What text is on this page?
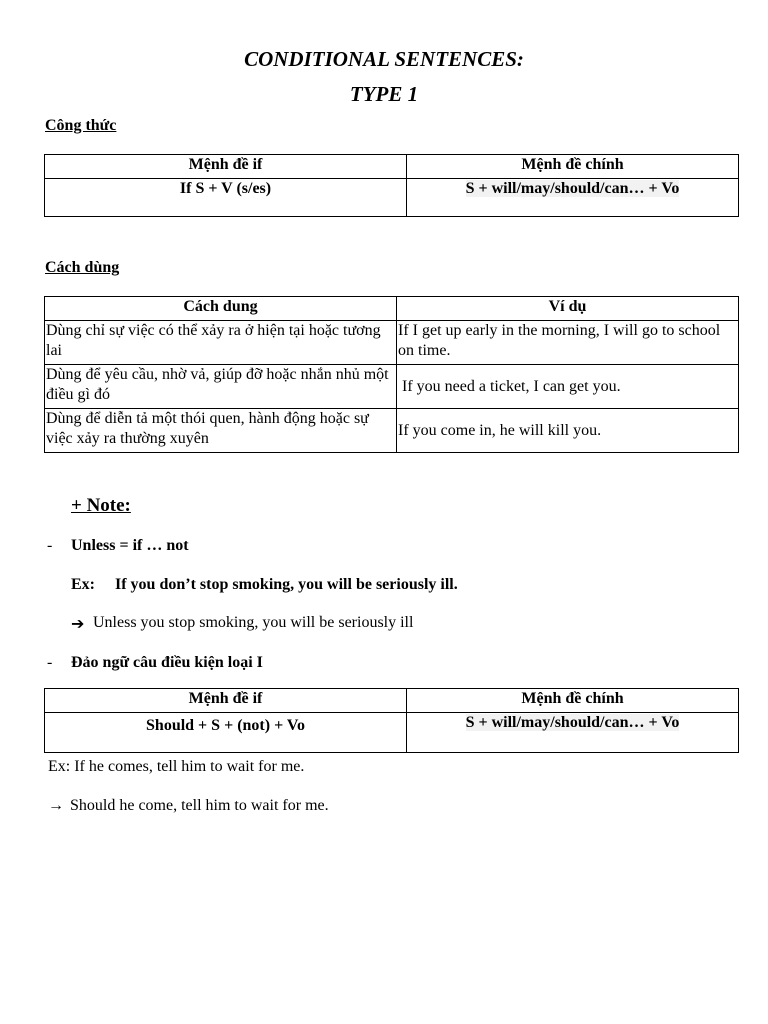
CONDITIONAL SENTENCES:
TYPE 1
Công thức
Mệnh đề if	Mệnh đề chính
If S + V (s/es)	S + will/may/should/can… + Vo
Cách dùng
Cách dung	Ví dụ
Dùng chỉ sự việc có thể xảy ra ở hiện tại hoặc tương lai	If I get up early in the morning, I will go to school on time.
Dùng để yêu cầu, nhờ vả, giúp đỡ hoặc nhắn nhủ một điều gì đó	If you need a ticket, I can get you.
Dùng để diễn tả một thói quen, hành động hoặc sự việc xảy ra thường xuyên	If you come in, he will kill you.
+ Note:
- Unless = if … not
Ex: If you don’t stop smoking, you will be seriously ill.
➔ Unless you stop smoking, you will be seriously ill
- Đảo ngữ câu điều kiện loại I
Mệnh đề if	Mệnh đề chính
Should + S + (not) + Vo	S + will/may/should/can… + Vo
Ex: If he comes, tell him to wait for me.
→ Should he come, tell him to wait for me.
